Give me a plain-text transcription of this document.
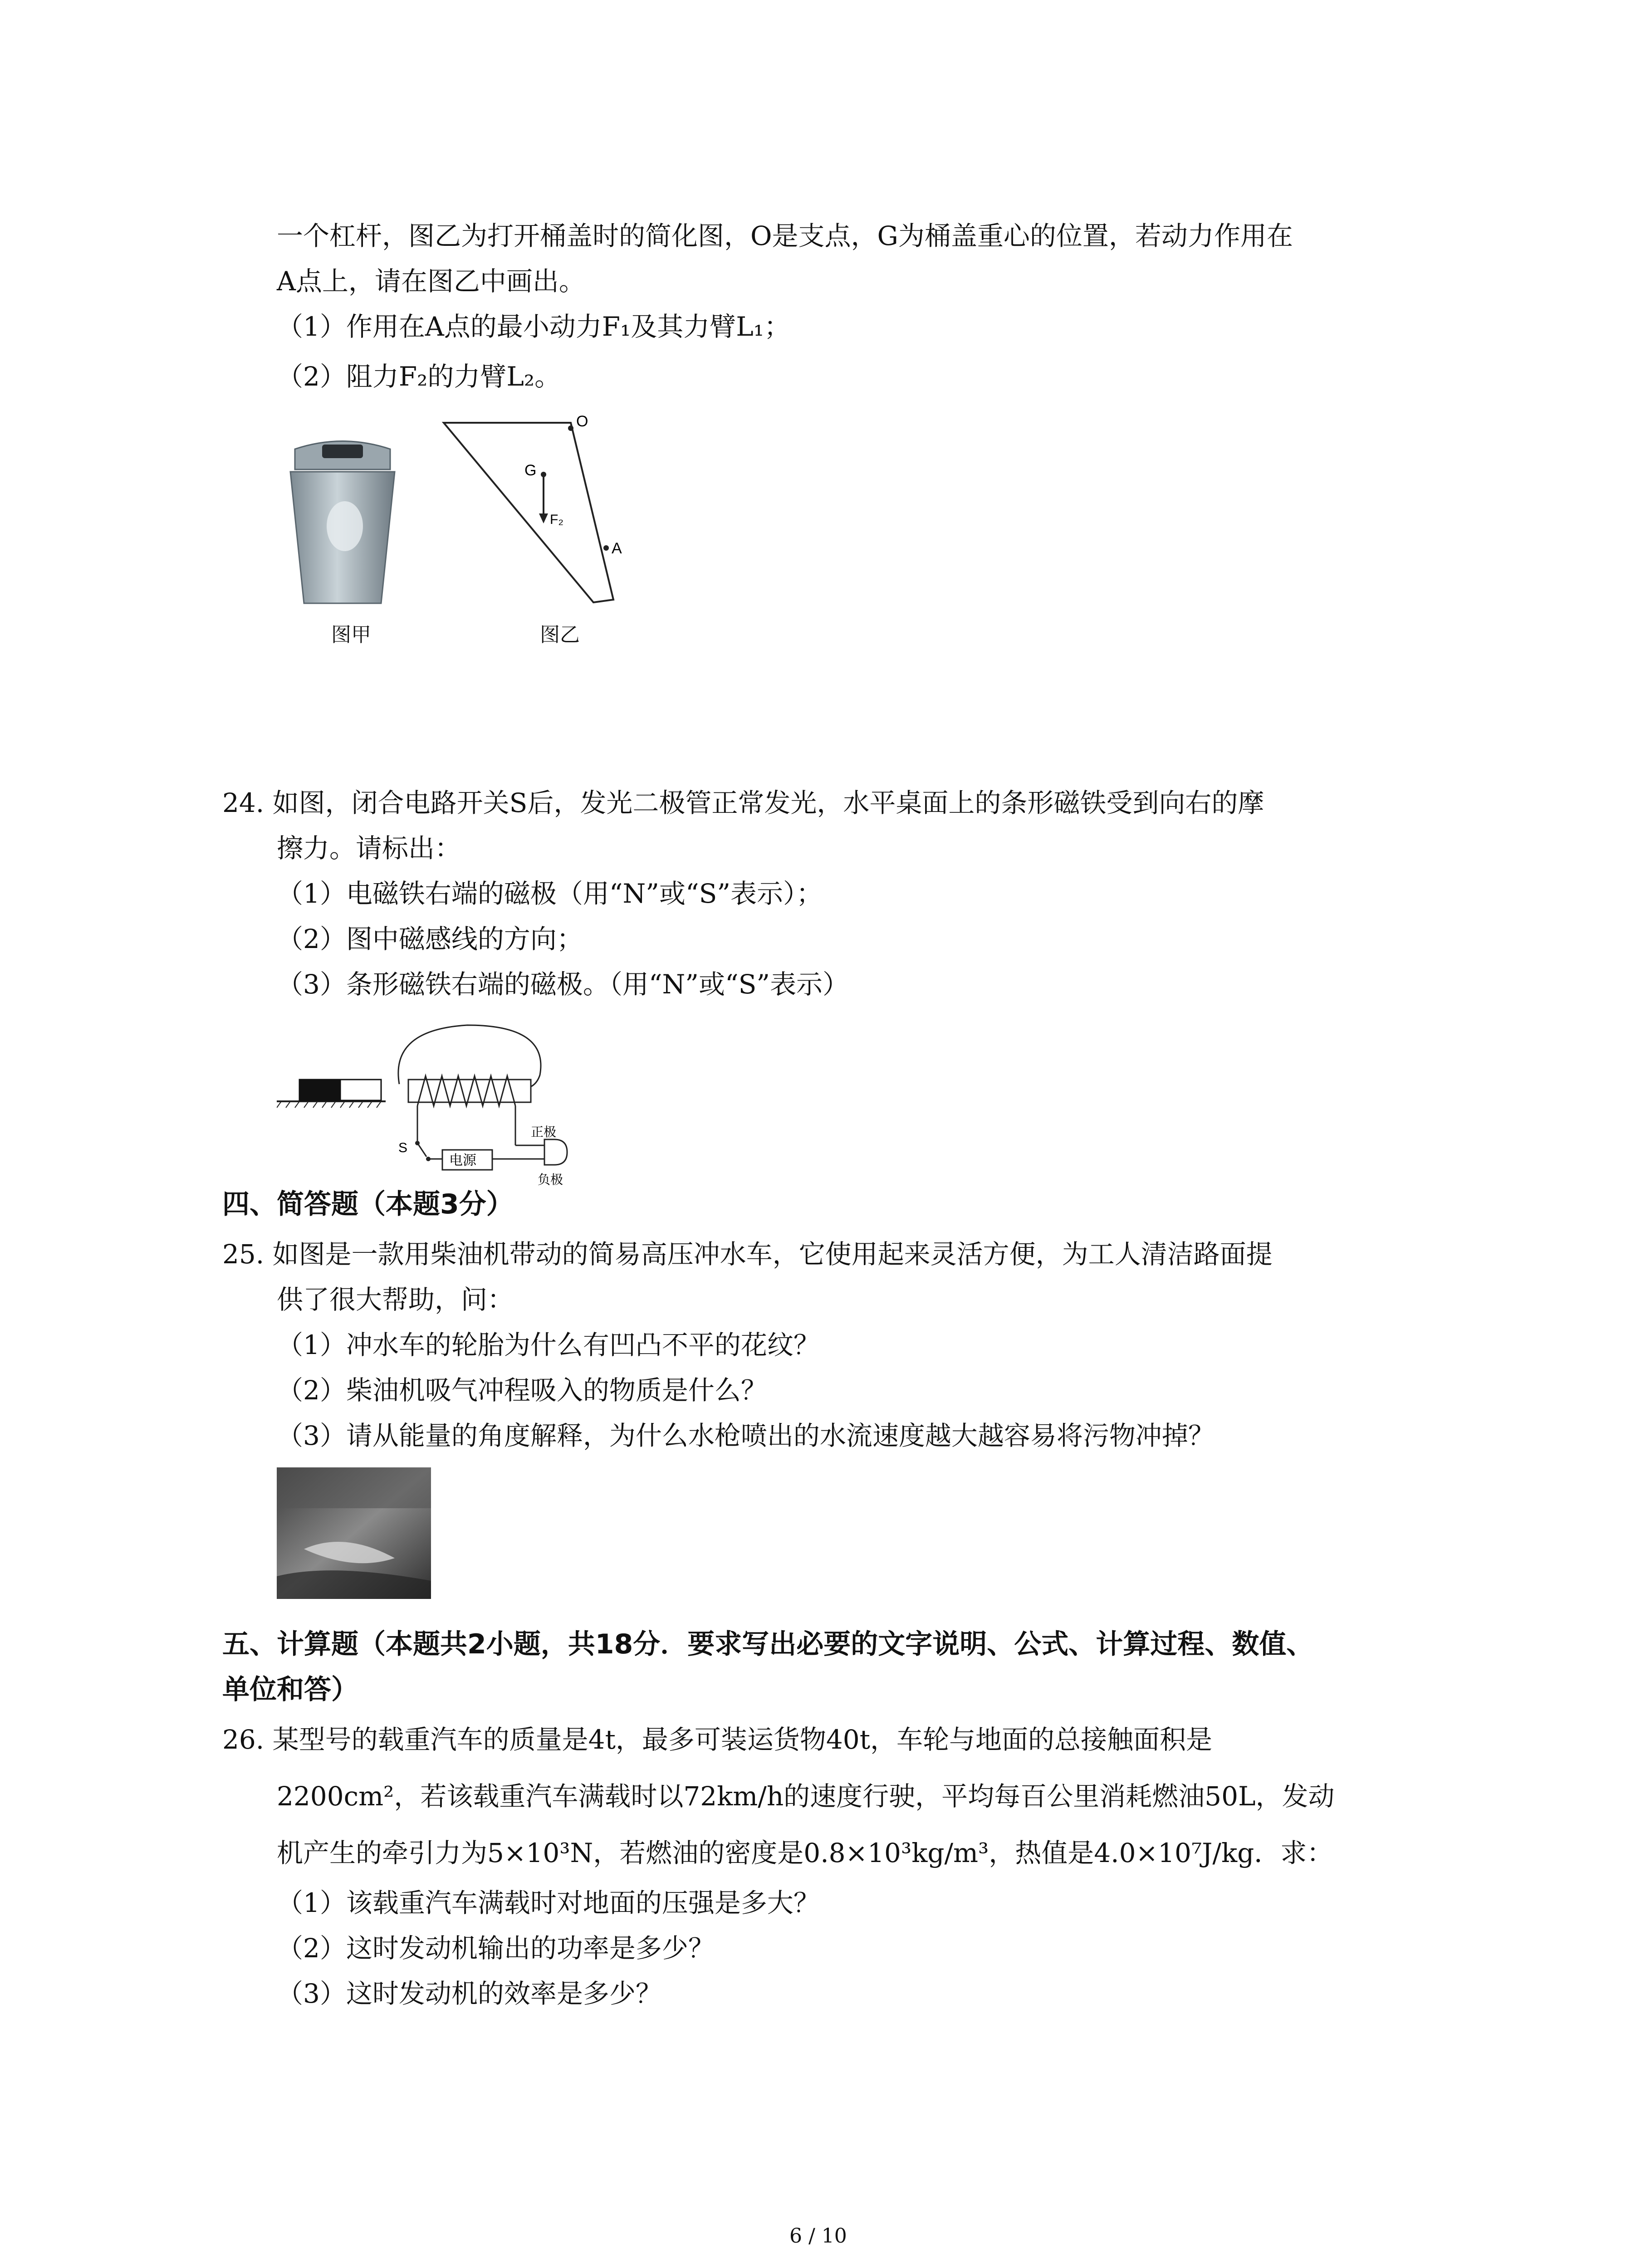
一个杠杆，图乙为打开桶盖时的简化图，O是支点，G为桶盖重心的位置，若动力作用在
A点上，请在图乙中画出。
（1）作用在A点的最小动力F₁及其力臂L₁；
（2）阻力F₂的力臂L₂。
图甲
O
G
F₂
A
图乙
24. 如图，闭合电路开关S后，发光二极管正常发光，水平桌面上的条形磁铁受到向右的摩
擦力。请标出：
（1）电磁铁右端的磁极（用“N”或“S”表示）；
（2）图中磁感线的方向；
（3）条形磁铁右端的磁极。（用“N”或“S”表示）
S
电源
正极
负极
四、简答题（本题3分）
25. 如图是一款用柴油机带动的简易高压冲水车，它使用起来灵活方便，为工人清洁路面提
供了很大帮助，问：
（1）冲水车的轮胎为什么有凹凸不平的花纹？
（2）柴油机吸气冲程吸入的物质是什么？
（3）请从能量的角度解释，为什么水枪喷出的水流速度越大越容易将污物冲掉？
五、计算题（本题共2小题，共18分．要求写出必要的文字说明、公式、计算过程、数值、
单位和答）
26. 某型号的载重汽车的质量是4t，最多可装运货物40t，车轮与地面的总接触面积是
2200cm²，若该载重汽车满载时以72km/h的速度行驶，平均每百公里消耗燃油50L，发动
机产生的牵引力为5×10³N，若燃油的密度是0.8×10³kg/m³，热值是4.0×10⁷J/kg．求：
（1）该载重汽车满载时对地面的压强是多大？
（2）这时发动机输出的功率是多少？
（3）这时发动机的效率是多少？
6 / 10
